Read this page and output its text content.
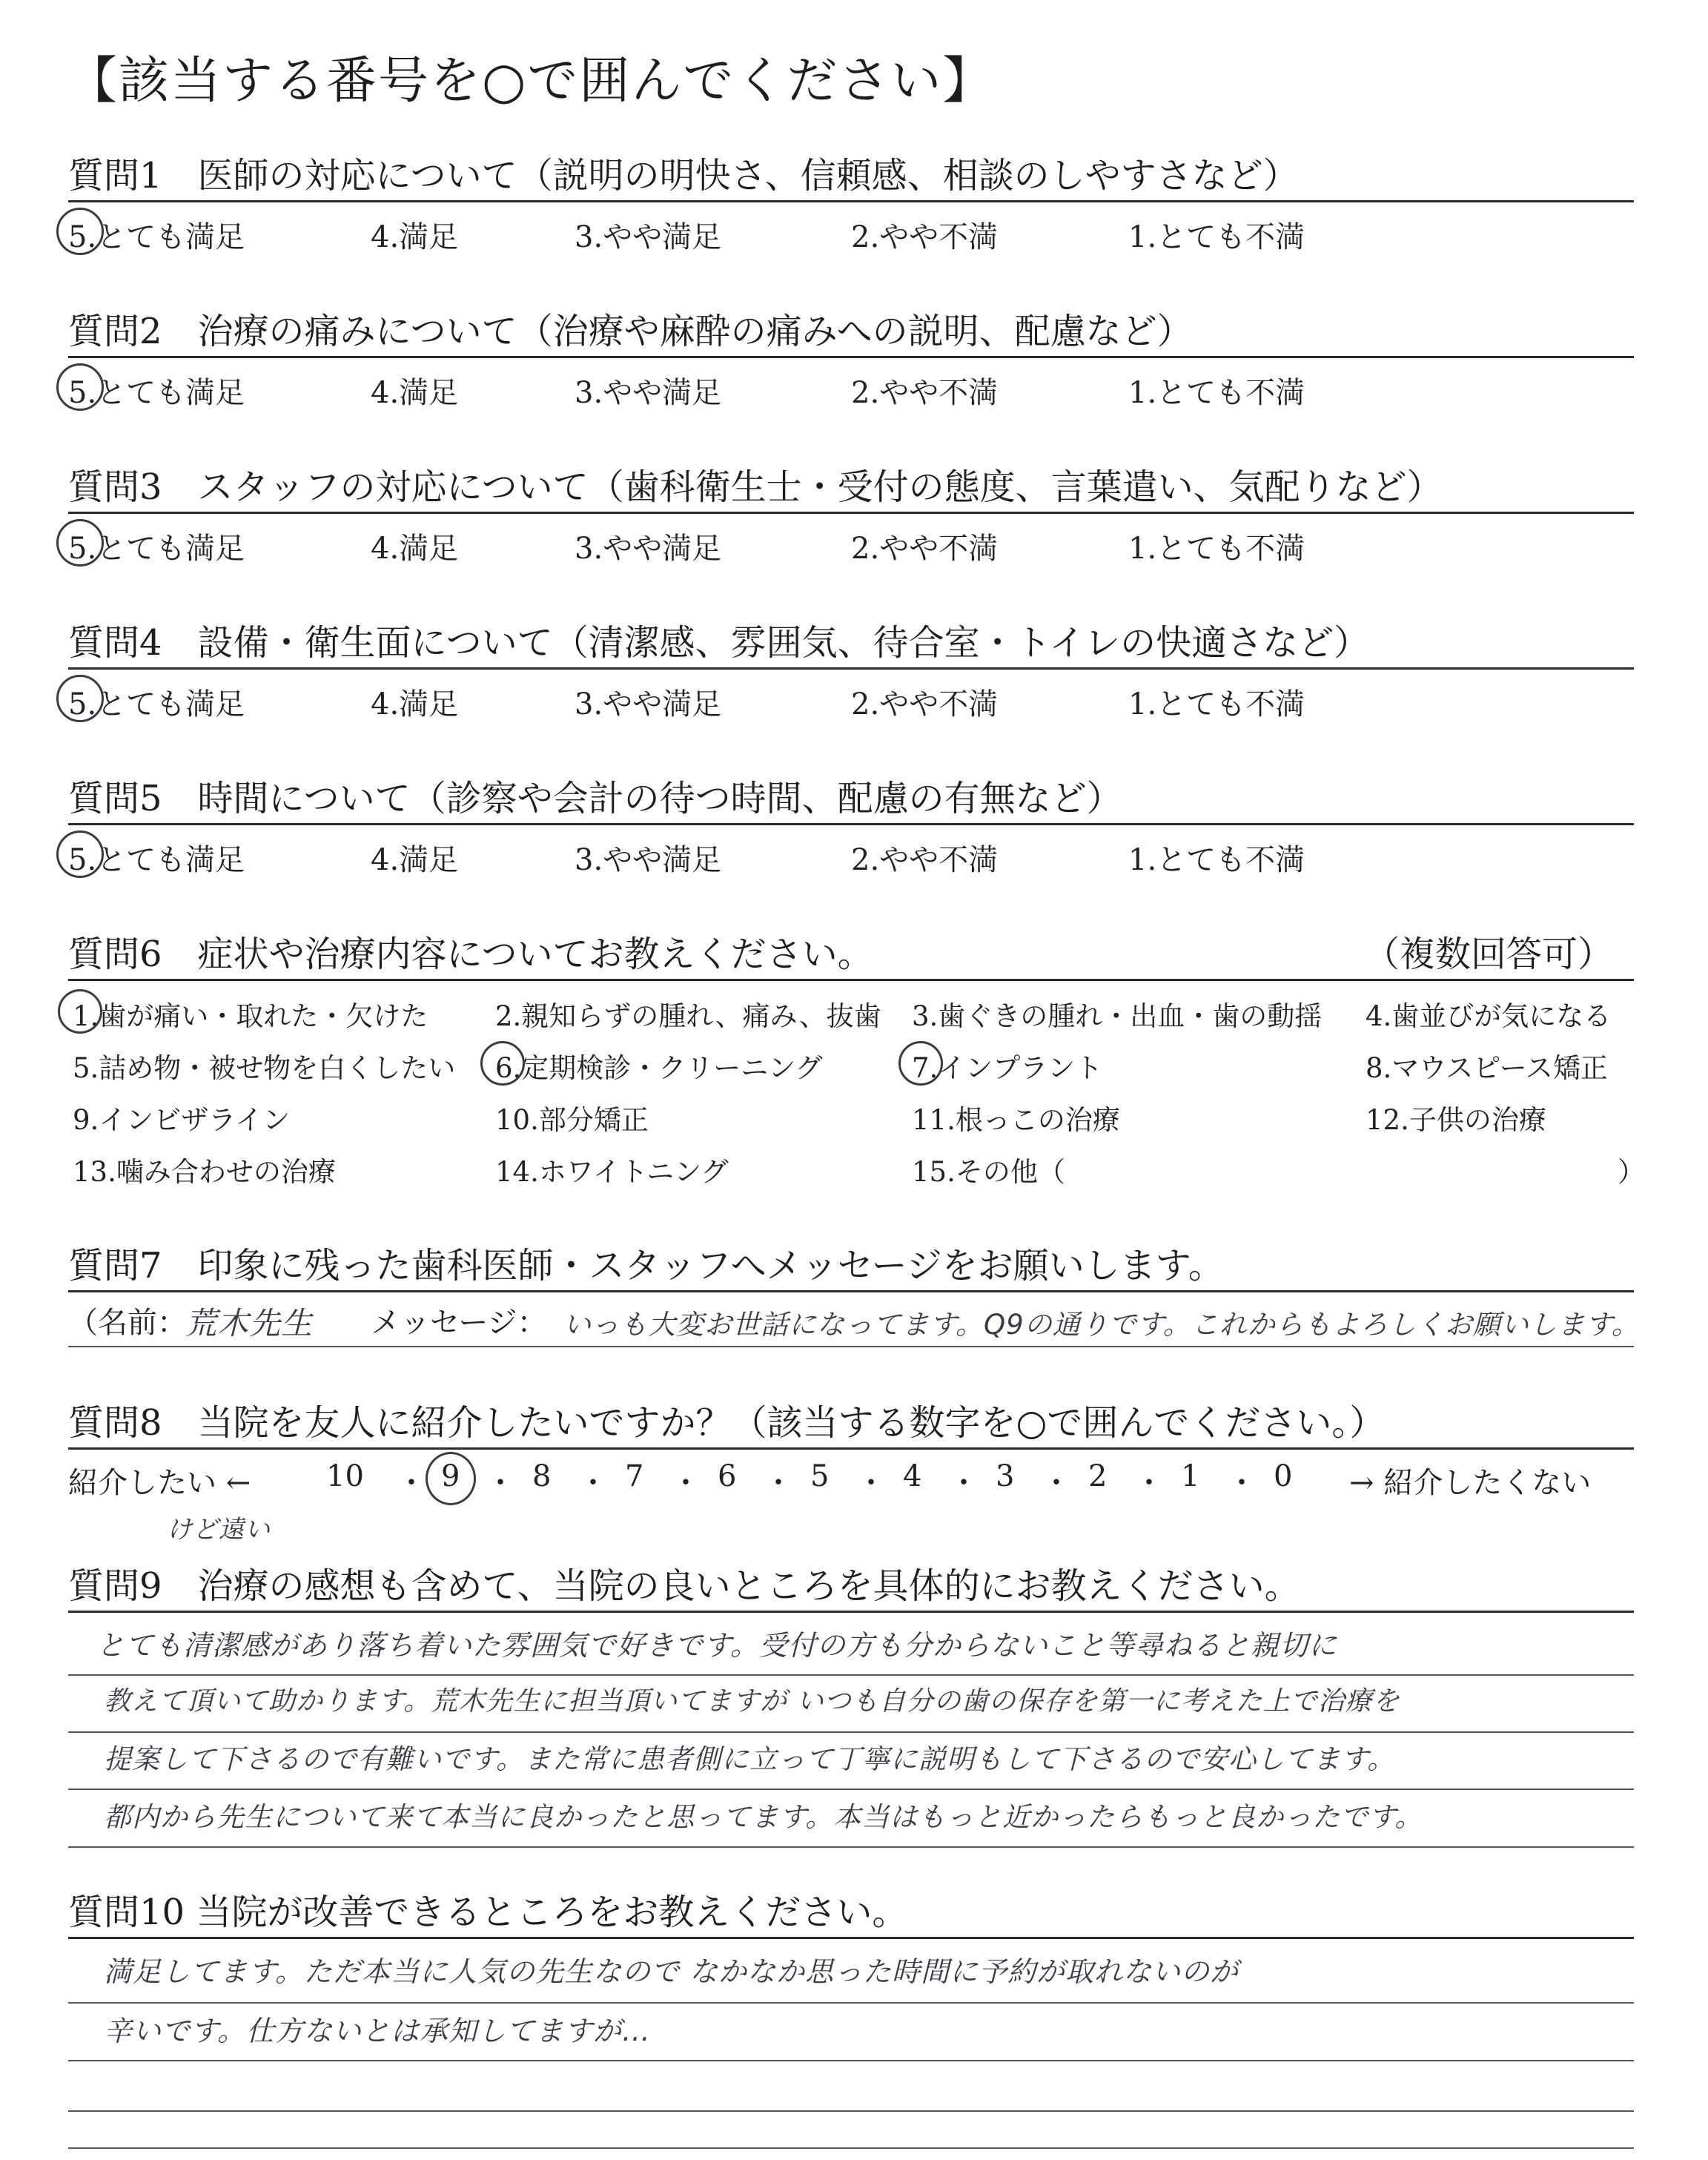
【該当する番号を○で囲んでください】
質問1　医師の対応について（説明の明快さ、信頼感、相談のしやすさなど）
5.とても満足	4.満足	3.やや満足	2.やや不満	1.とても不満
質問2　治療の痛みについて（治療や麻酔の痛みへの説明、配慮など）
5.とても満足	4.満足	3.やや満足	2.やや不満	1.とても不満
質問3　スタッフの対応について（歯科衛生士・受付の態度、言葉遣い、気配りなど）
5.とても満足	4.満足	3.やや満足	2.やや不満	1.とても不満
質問4　設備・衛生面について（清潔感、雰囲気、待合室・トイレの快適さなど）
5.とても満足	4.満足	3.やや満足	2.やや不満	1.とても不満
質問5　時間について（診察や会計の待つ時間、配慮の有無など）
5.とても満足	4.満足	3.やや満足	2.やや不満	1.とても不満
質問6　症状や治療内容についてお教えください。	（複数回答可）
1.歯が痛い・取れた・欠けた 2.親知らずの腫れ、痛み、抜歯 3.歯ぐきの腫れ・出血・歯の動揺 4.歯並びが気になる
5.詰め物・被せ物を白くしたい 6.定期検診・クリーニング	7.インプラント	8.マウスピース矯正
9.インビザライン	10.部分矯正	11.根っこの治療	12.子供の治療
13.噛み合わせの治療	14.ホワイトニング	15.その他（	）
質問7　印象に残った歯科医師・スタッフへメッセージをお願いします。
（名前：
荒木先生 メッセージ： いっも大変お世話になってます。Q9の通りです。これからもよろしくお願いします。
質問8　当院を友人に紹介したいですか？（該当する数字を○で囲んでください。）
紹介したい ←	→ 紹介したくない
10	9 8 7 6 5 4 3 2 1 0
・ ・ ・ ・ ・ ・ ・ ・ ・ ・
けど遠い
質問9　治療の感想も含めて、当院の良いところを具体的にお教えください。
とても清潔感があり落ち着いた雰囲気で好きです。受付の方も分からないこと等尋ねると親切に
教えて頂いて助かります。荒木先生に担当頂いてますが いつも自分の歯の保存を第一に考えた上で治療を
提案して下さるので有難いです。また常に患者側に立って丁寧に説明もして下さるので安心してます。
都内から先生について来て本当に良かったと思ってます。本当はもっと近かったらもっと良かったです。
質問10 当院が改善できるところをお教えください。
満足してます。ただ本当に人気の先生なので なかなか思った時間に予約が取れないのが
辛いです。仕方ないとは承知してますが…
